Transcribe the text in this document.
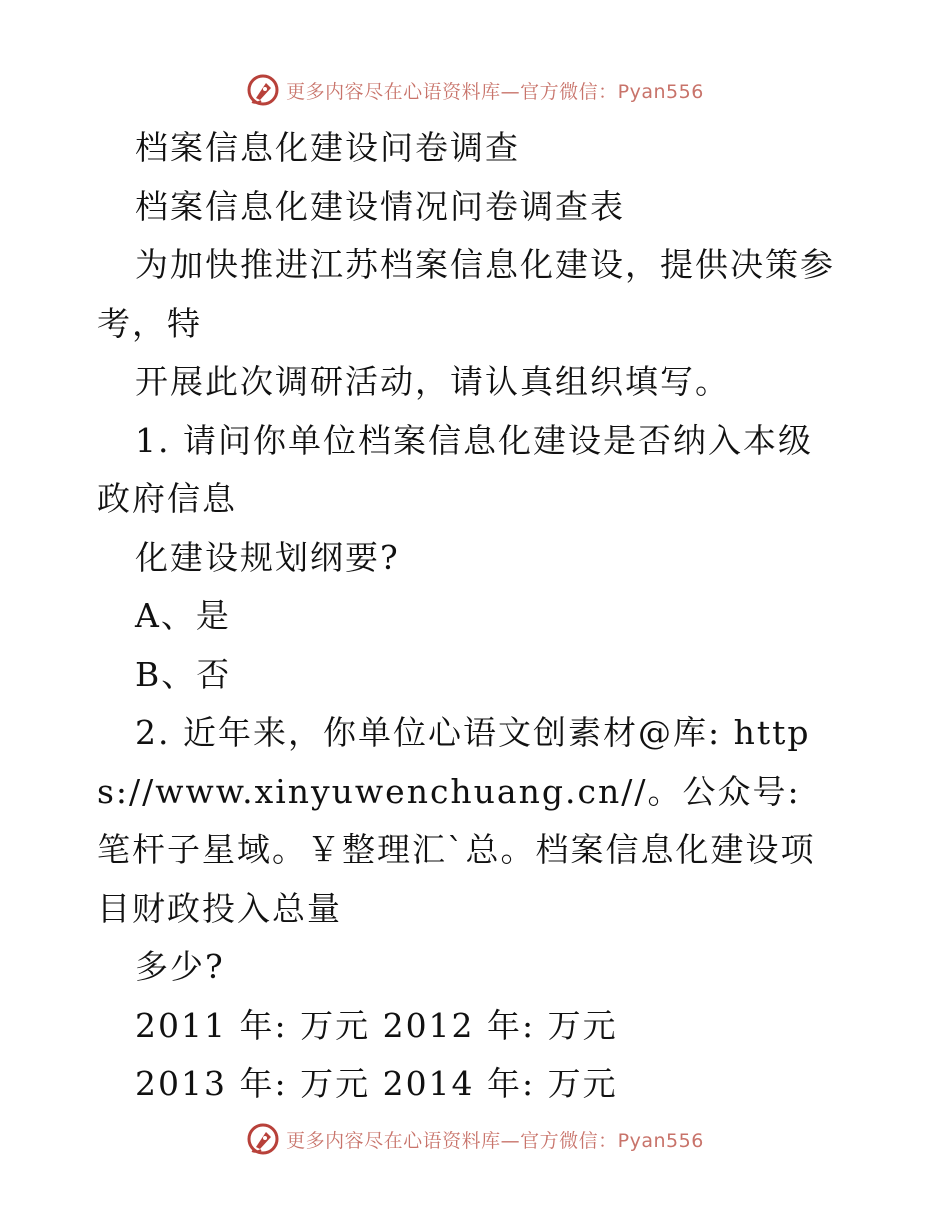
更多内容尽在心语资料库—官方微信：Pyan556

档案信息化建设问卷调查

档案信息化建设情况问卷调查表

为加快推进江苏档案信息化建设，提供决策参考，特

开展此次调研活动，请认真组织填写。

1. 请问你单位档案信息化建设是否纳入本级政府信息

化建设规划纲要?

A、是

B、否

2. 近年来，你单位心语文创素材@库: https://www.xinyuwenchuang.cn//。公众号: 笔杆子星域。￥整理汇`总。档案信息化建设项目财政投入总量

多少?

2011 年: 万元 2012 年: 万元

2013 年: 万元 2014 年: 万元

更多内容尽在心语资料库—官方微信：Pyan556
